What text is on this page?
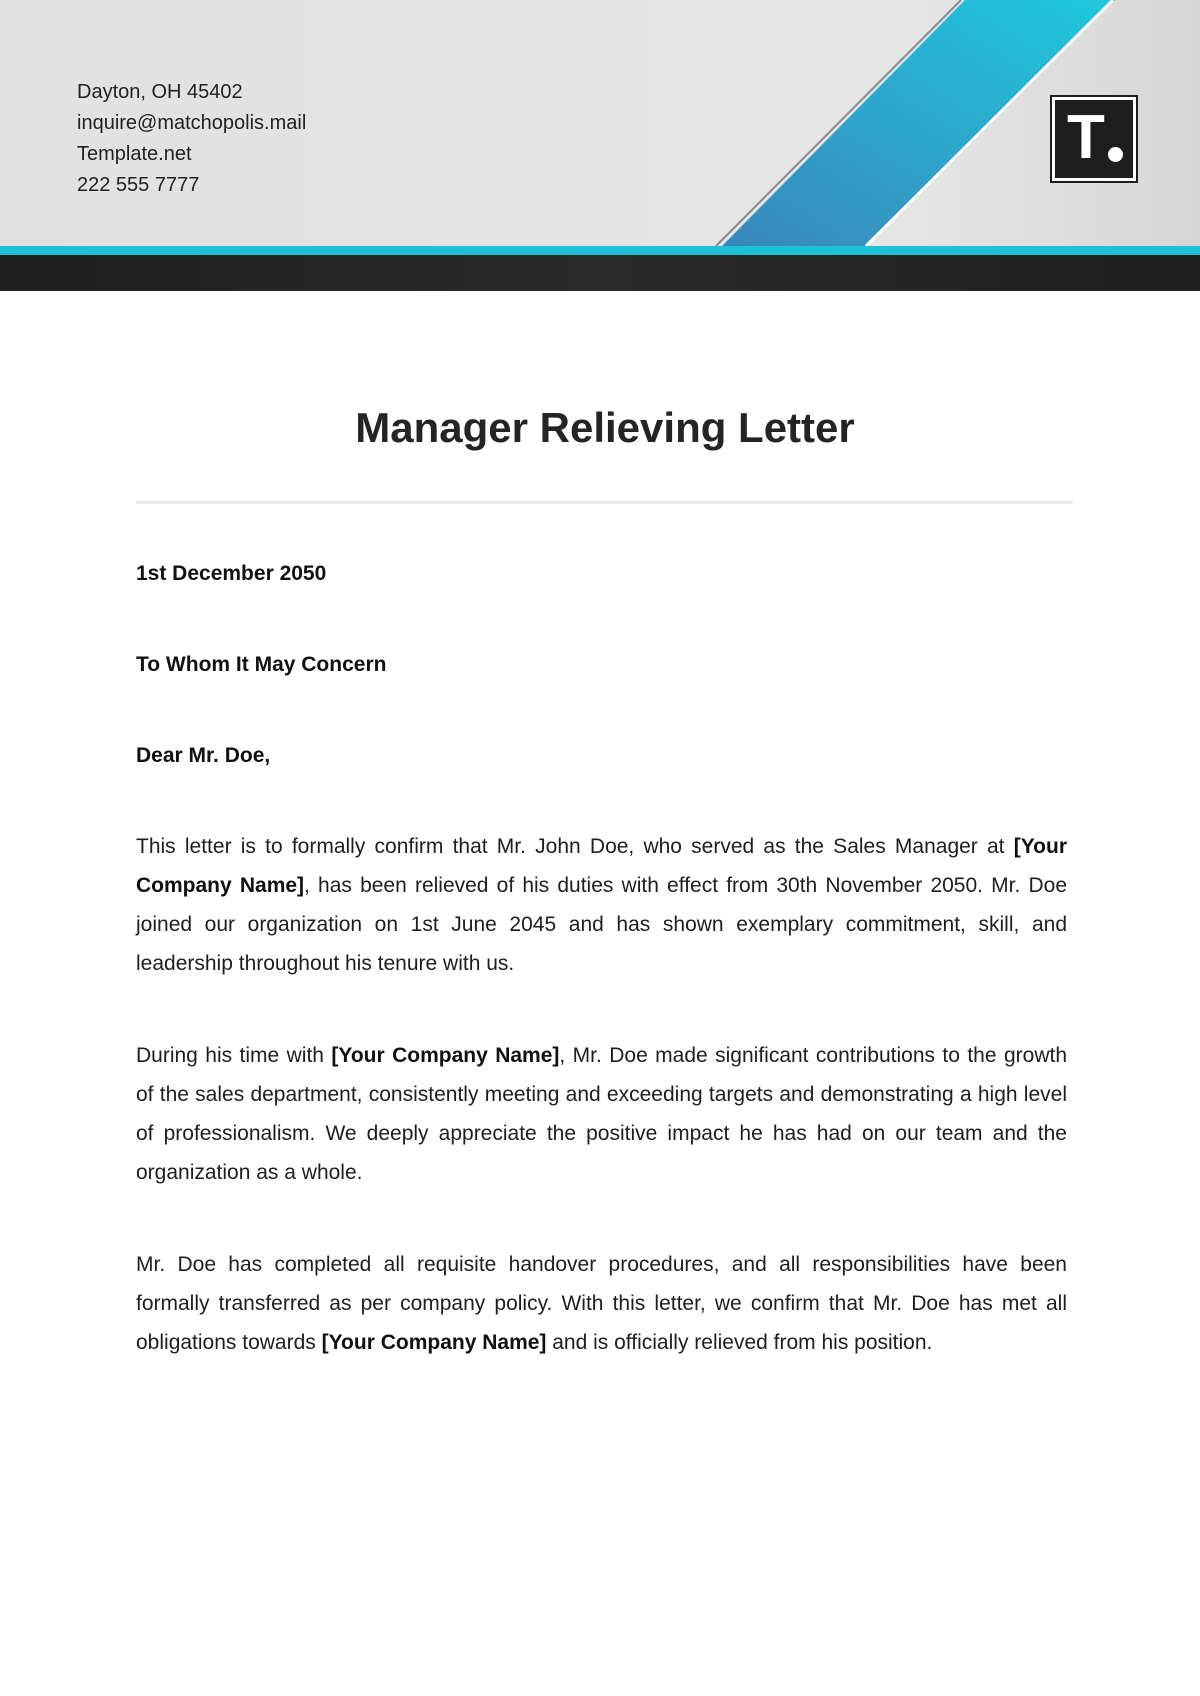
Dayton, OH 45402
inquire@matchopolis.mail
Template.net
222 555 7777
T
Manager Relieving Letter

1st December 2050

To Whom It May Concern

Dear Mr. Doe,

This letter is to formally confirm that Mr. John Doe, who served as the Sales Manager at [Your Company Name], has been relieved of his duties with effect from 30th November 2050. Mr. Doe joined our organization on 1st June 2045 and has shown exemplary commitment, skill, and leadership throughout his tenure with us.

During his time with [Your Company Name], Mr. Doe made significant contributions to the growth of the sales department, consistently meeting and exceeding targets and demonstrating a high level of professionalism. We deeply appreciate the positive impact he has had on our team and the organization as a whole.

Mr. Doe has completed all requisite handover procedures, and all responsibilities have been formally transferred as per company policy. With this letter, we confirm that Mr. Doe has met all obligations towards [Your Company Name] and is officially relieved from his position.
